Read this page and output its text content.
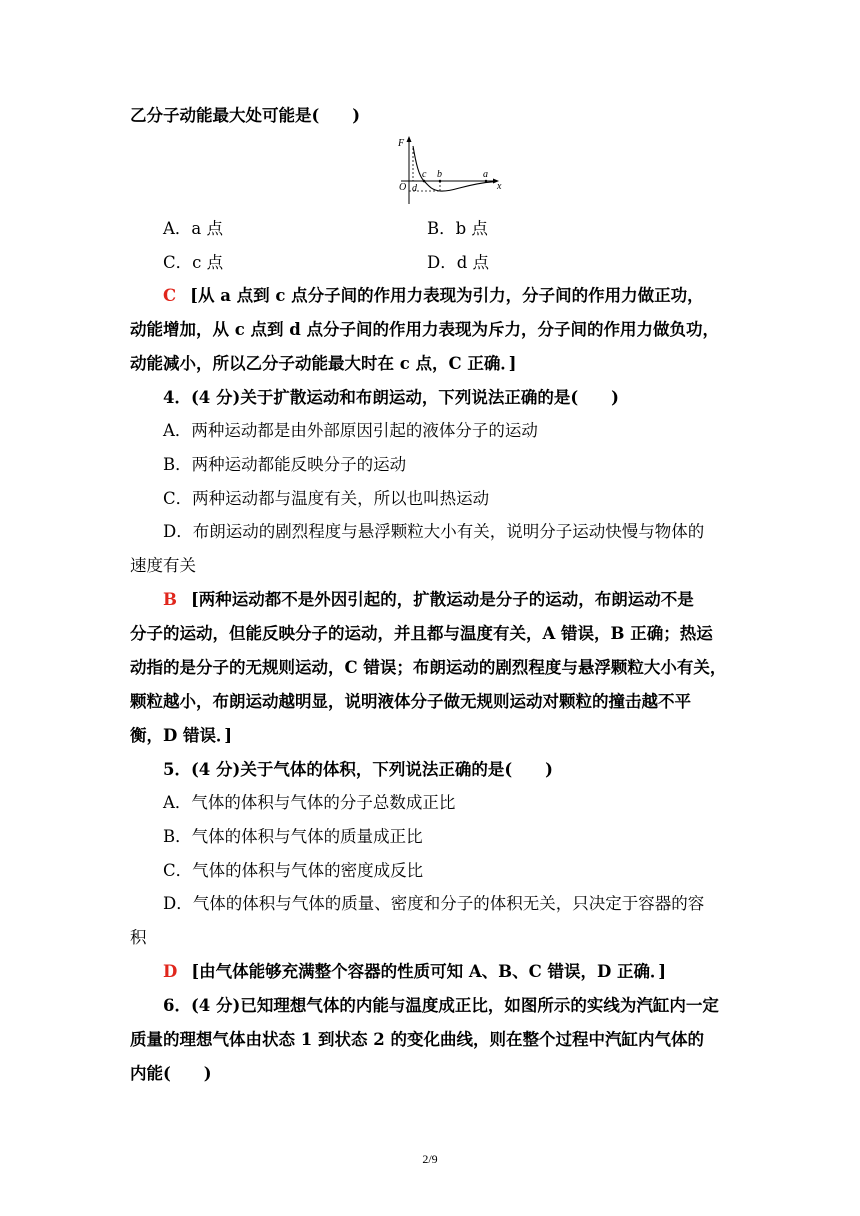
乙分子动能最大处可能是(　　)
F
x
O
c b	a
d
A．a 点	B．b 点
C．c 点	D．d 点
C [从 a 点到 c 点分子间的作用力表现为引力，分子间的作用力做正功，
动能增加，从 c 点到 d 点分子间的作用力表现为斥力，分子间的作用力做负功，
动能减小，所以乙分子动能最大时在 c 点，C 正确．]
4．(4 分)关于扩散运动和布朗运动，下列说法正确的是(　　)
A．两种运动都是由外部原因引起的液体分子的运动
B．两种运动都能反映分子的运动
C．两种运动都与温度有关，所以也叫热运动
D．布朗运动的剧烈程度与悬浮颗粒大小有关，说明分子运动快慢与物体的
速度有关
B [两种运动都不是外因引起的，扩散运动是分子的运动，布朗运动不是
分子的运动，但能反映分子的运动，并且都与温度有关，A 错误，B 正确；热运
动指的是分子的无规则运动，C 错误；布朗运动的剧烈程度与悬浮颗粒大小有关，
颗粒越小，布朗运动越明显，说明液体分子做无规则运动对颗粒的撞击越不平
衡，D 错误．]
5．(4 分)关于气体的体积，下列说法正确的是(　　)
A．气体的体积与气体的分子总数成正比
B．气体的体积与气体的质量成正比
C．气体的体积与气体的密度成反比
D．气体的体积与气体的质量、密度和分子的体积无关，只决定于容器的容
积
D [由气体能够充满整个容器的性质可知 A、B、C 错误，D 正确．]
6．(4 分)已知理想气体的内能与温度成正比，如图所示的实线为汽缸内一定
质量的理想气体由状态 1 到状态 2 的变化曲线，则在整个过程中汽缸内气体的
内能(　　)
2/9
